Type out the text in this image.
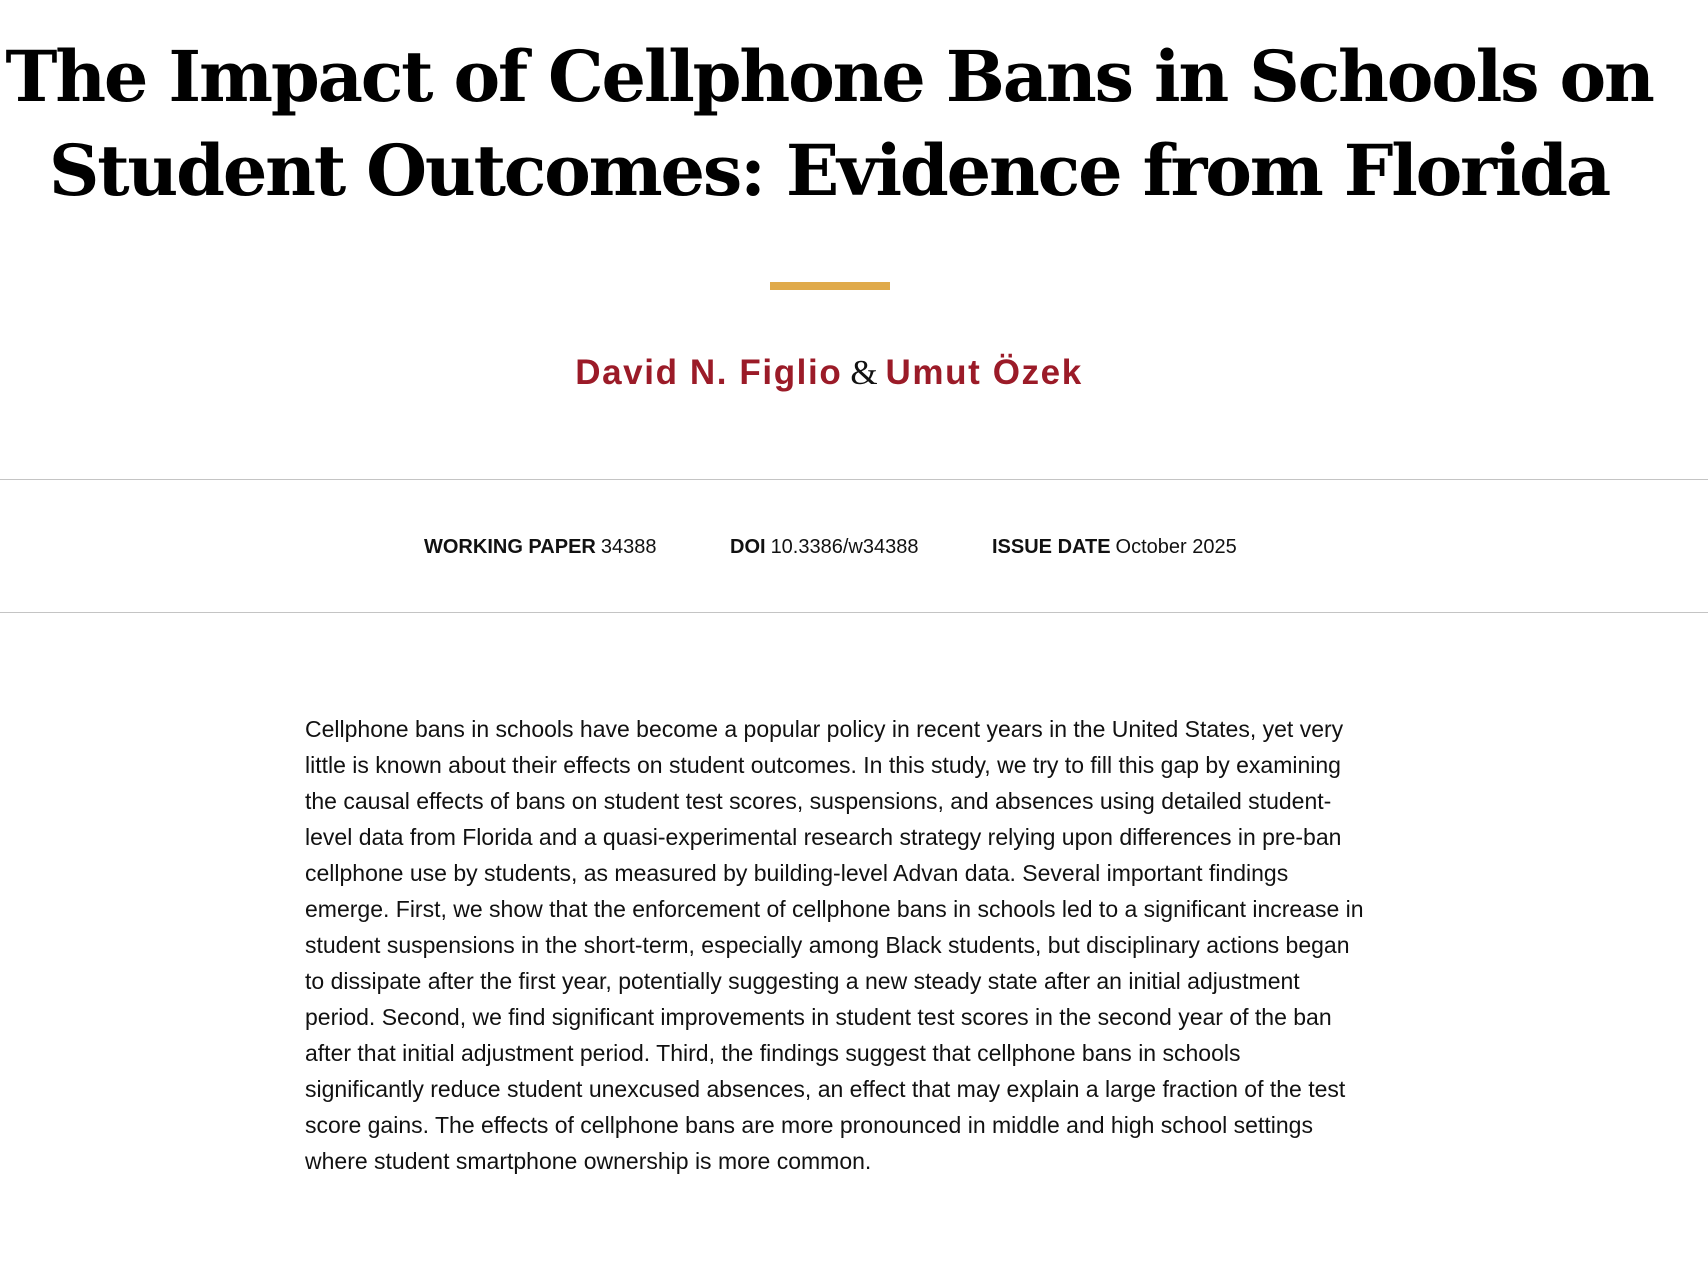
The Impact of Cellphone Bans in Schools on
Student Outcomes: Evidence from Florida
David N. Figlio & Umut Özek
WORKING PAPER 34388	DOI 10.3386/w34388	ISSUE DATE October 2025

Cellphone bans in schools have become a popular policy in recent years in the United States, yet very little is known about their effects on student outcomes. In this study, we try to fill this gap by examining the causal effects of bans on student test scores, suspensions, and absences using detailed student-level data from Florida and a quasi-experimental research strategy relying upon differences in pre-ban cellphone use by students, as measured by building-level Advan data. Several important findings emerge. First, we show that the enforcement of cellphone bans in schools led to a significant increase in student suspensions in the short-term, especially among Black students, but disciplinary actions began to dissipate after the first year, potentially suggesting a new steady state after an initial adjustment period. Second, we find significant improvements in student test scores in the second year of the ban after that initial adjustment period. Third, the findings suggest that cellphone bans in schools significantly reduce student unexcused absences, an effect that may explain a large fraction of the test score gains. The effects of cellphone bans are more pronounced in middle and high school settings where student smartphone ownership is more common.
